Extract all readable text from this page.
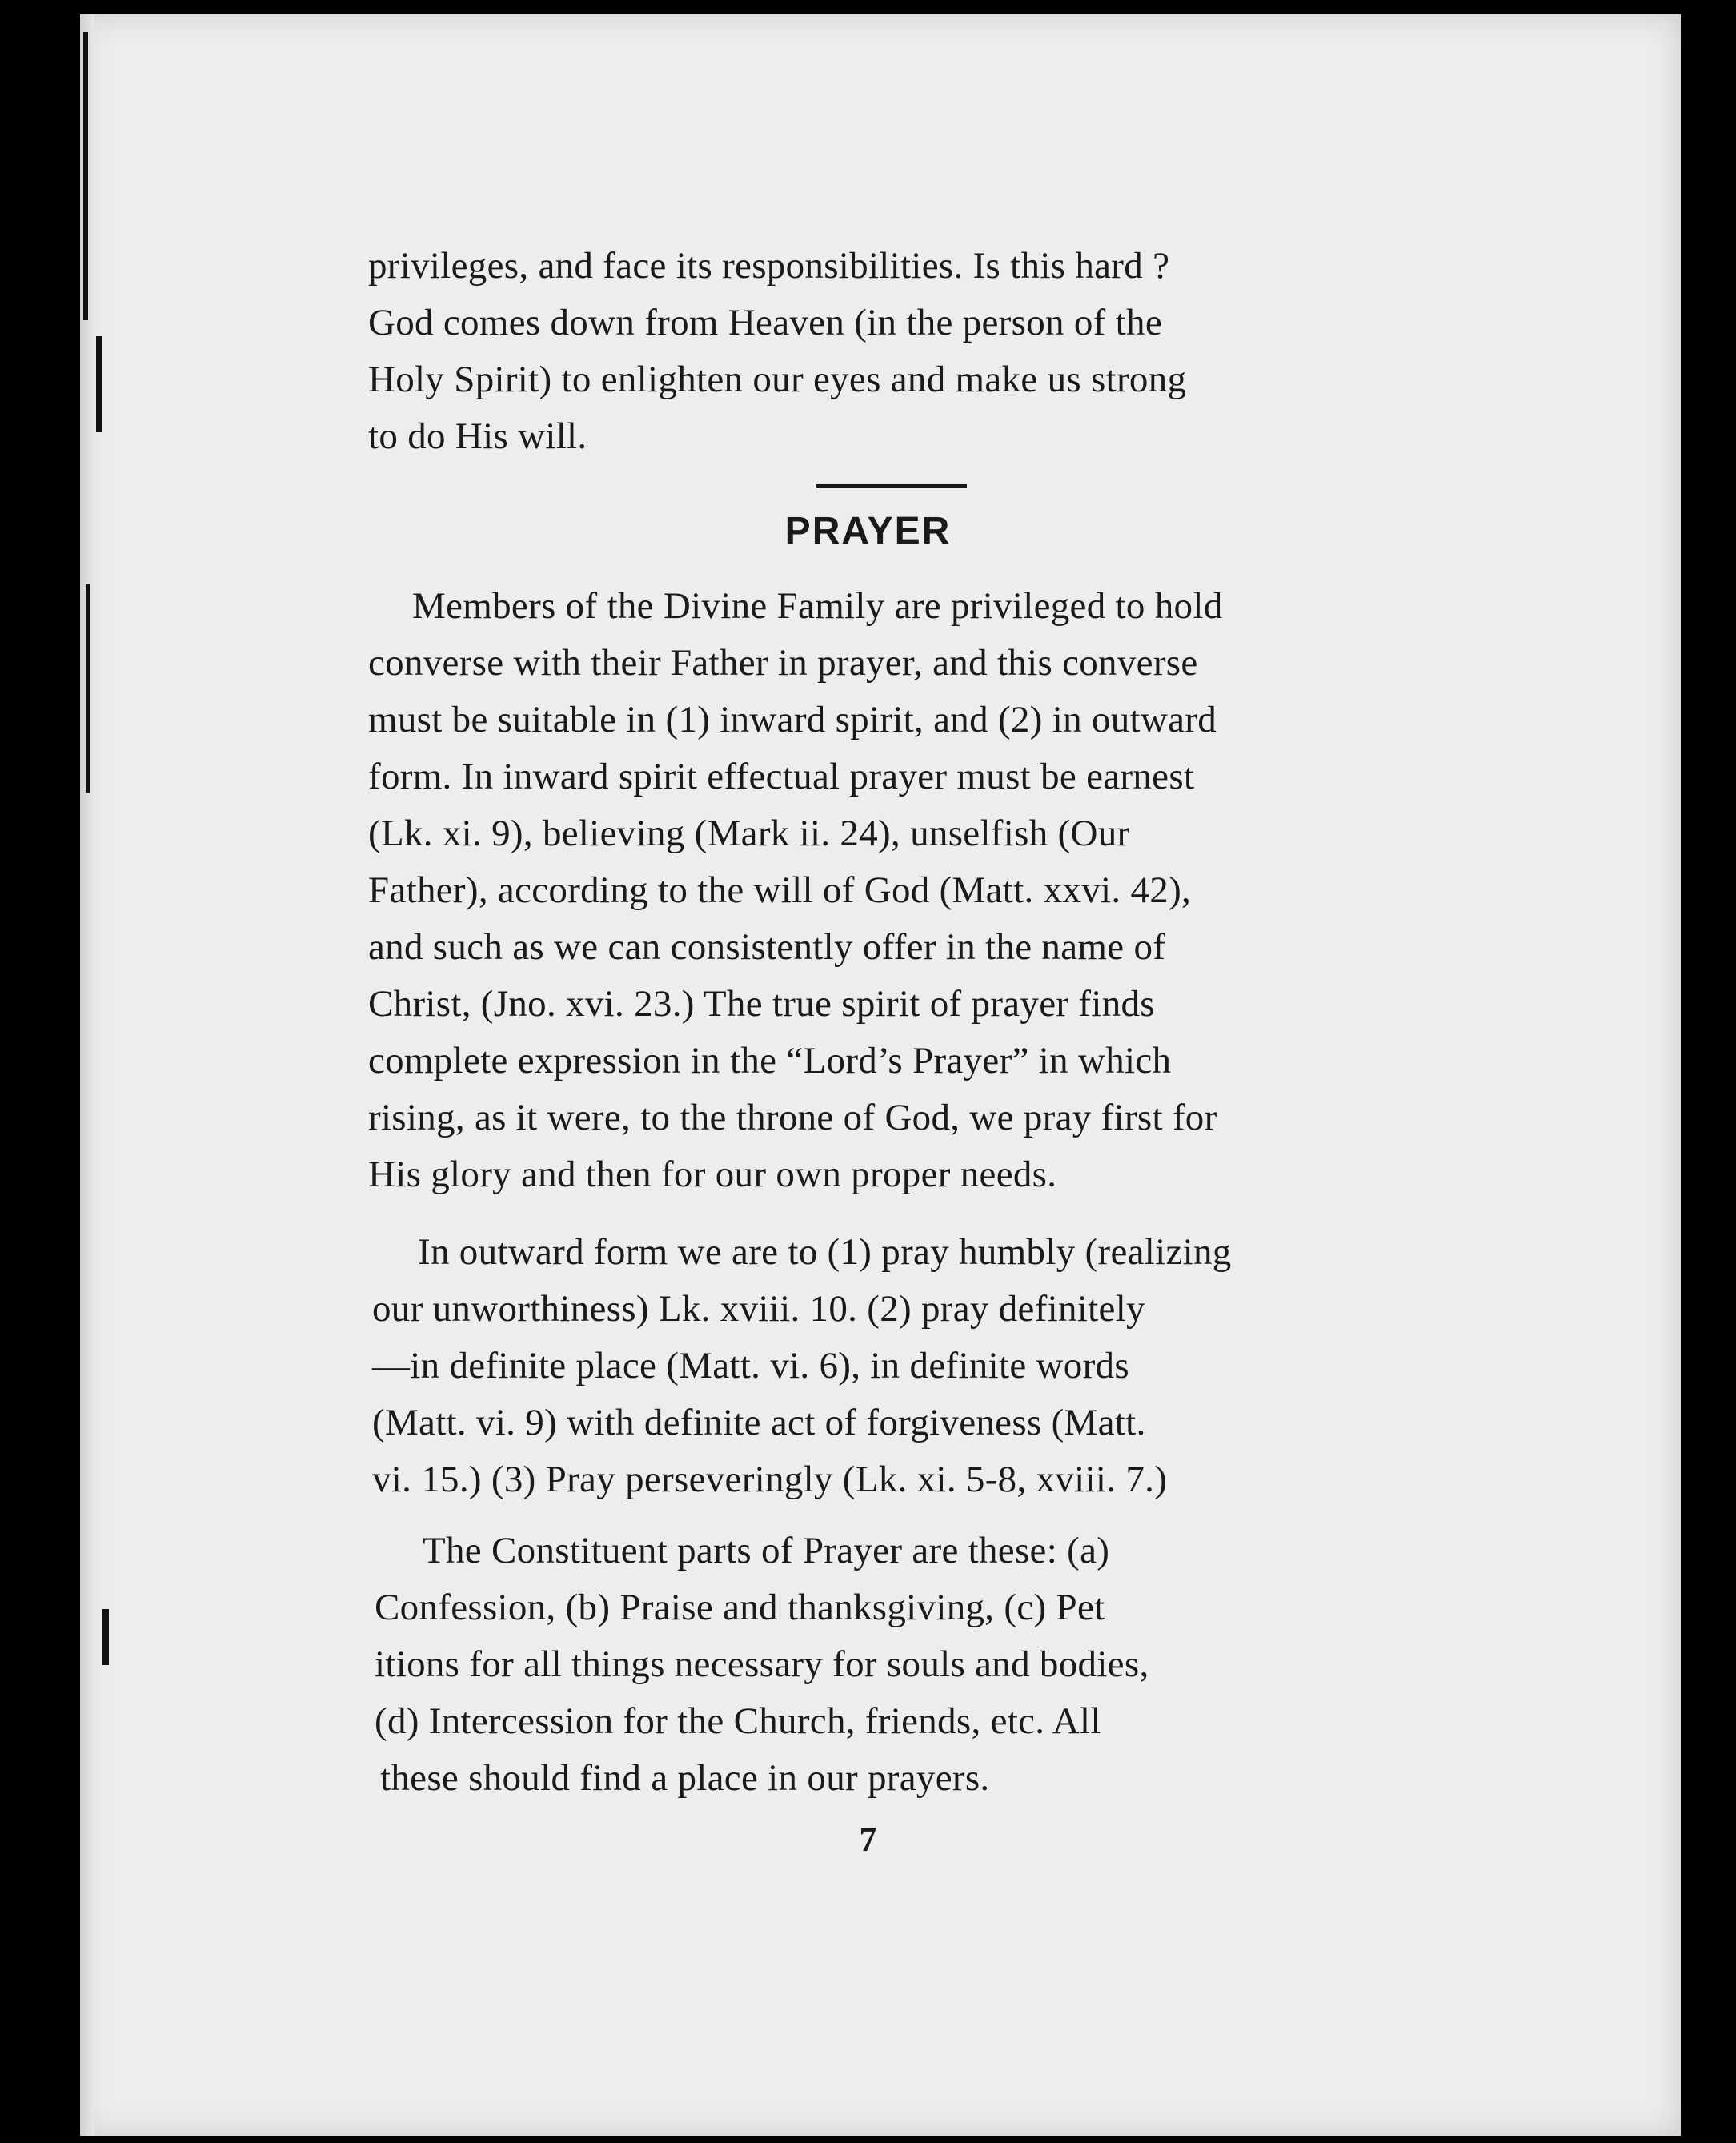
privileges, and face its responsibilities. Is this hard ?
God comes down from Heaven (in the person of the
Holy Spirit) to enlighten our eyes and make us strong
to do His will.
PRAYER
Members of the Divine Family are privileged to hold
converse with their Father in prayer, and this converse
must be suitable in (1) inward spirit, and (2) in outward
form. In inward spirit effectual prayer must be earnest
(Lk. xi. 9), believing (Mark ii. 24), unselfish (Our
Father), according to the will of God (Matt. xxvi. 42),
and such as we can consistently offer in the name of
Christ, (Jno. xvi. 23.) The true spirit of prayer finds
complete expression in the “Lord’s Prayer” in which
rising, as it were, to the throne of God, we pray first for
His glory and then for our own proper needs.
In outward form we are to (1) pray humbly (realizing
our unworthiness) Lk. xviii. 10. (2) pray definitely
—in definite place (Matt. vi. 6), in definite words
(Matt. vi. 9) with definite act of forgiveness (Matt.
vi. 15.) (3) Pray perseveringly (Lk. xi. 5-8, xviii. 7.)
The Constituent parts of Prayer are these: (a)
Confession, (b) Praise and thanksgiving, (c) Pet
itions for all things necessary for souls and bodies,
(d) Intercession for the Church, friends, etc. All
these should find a place in our prayers.
7
